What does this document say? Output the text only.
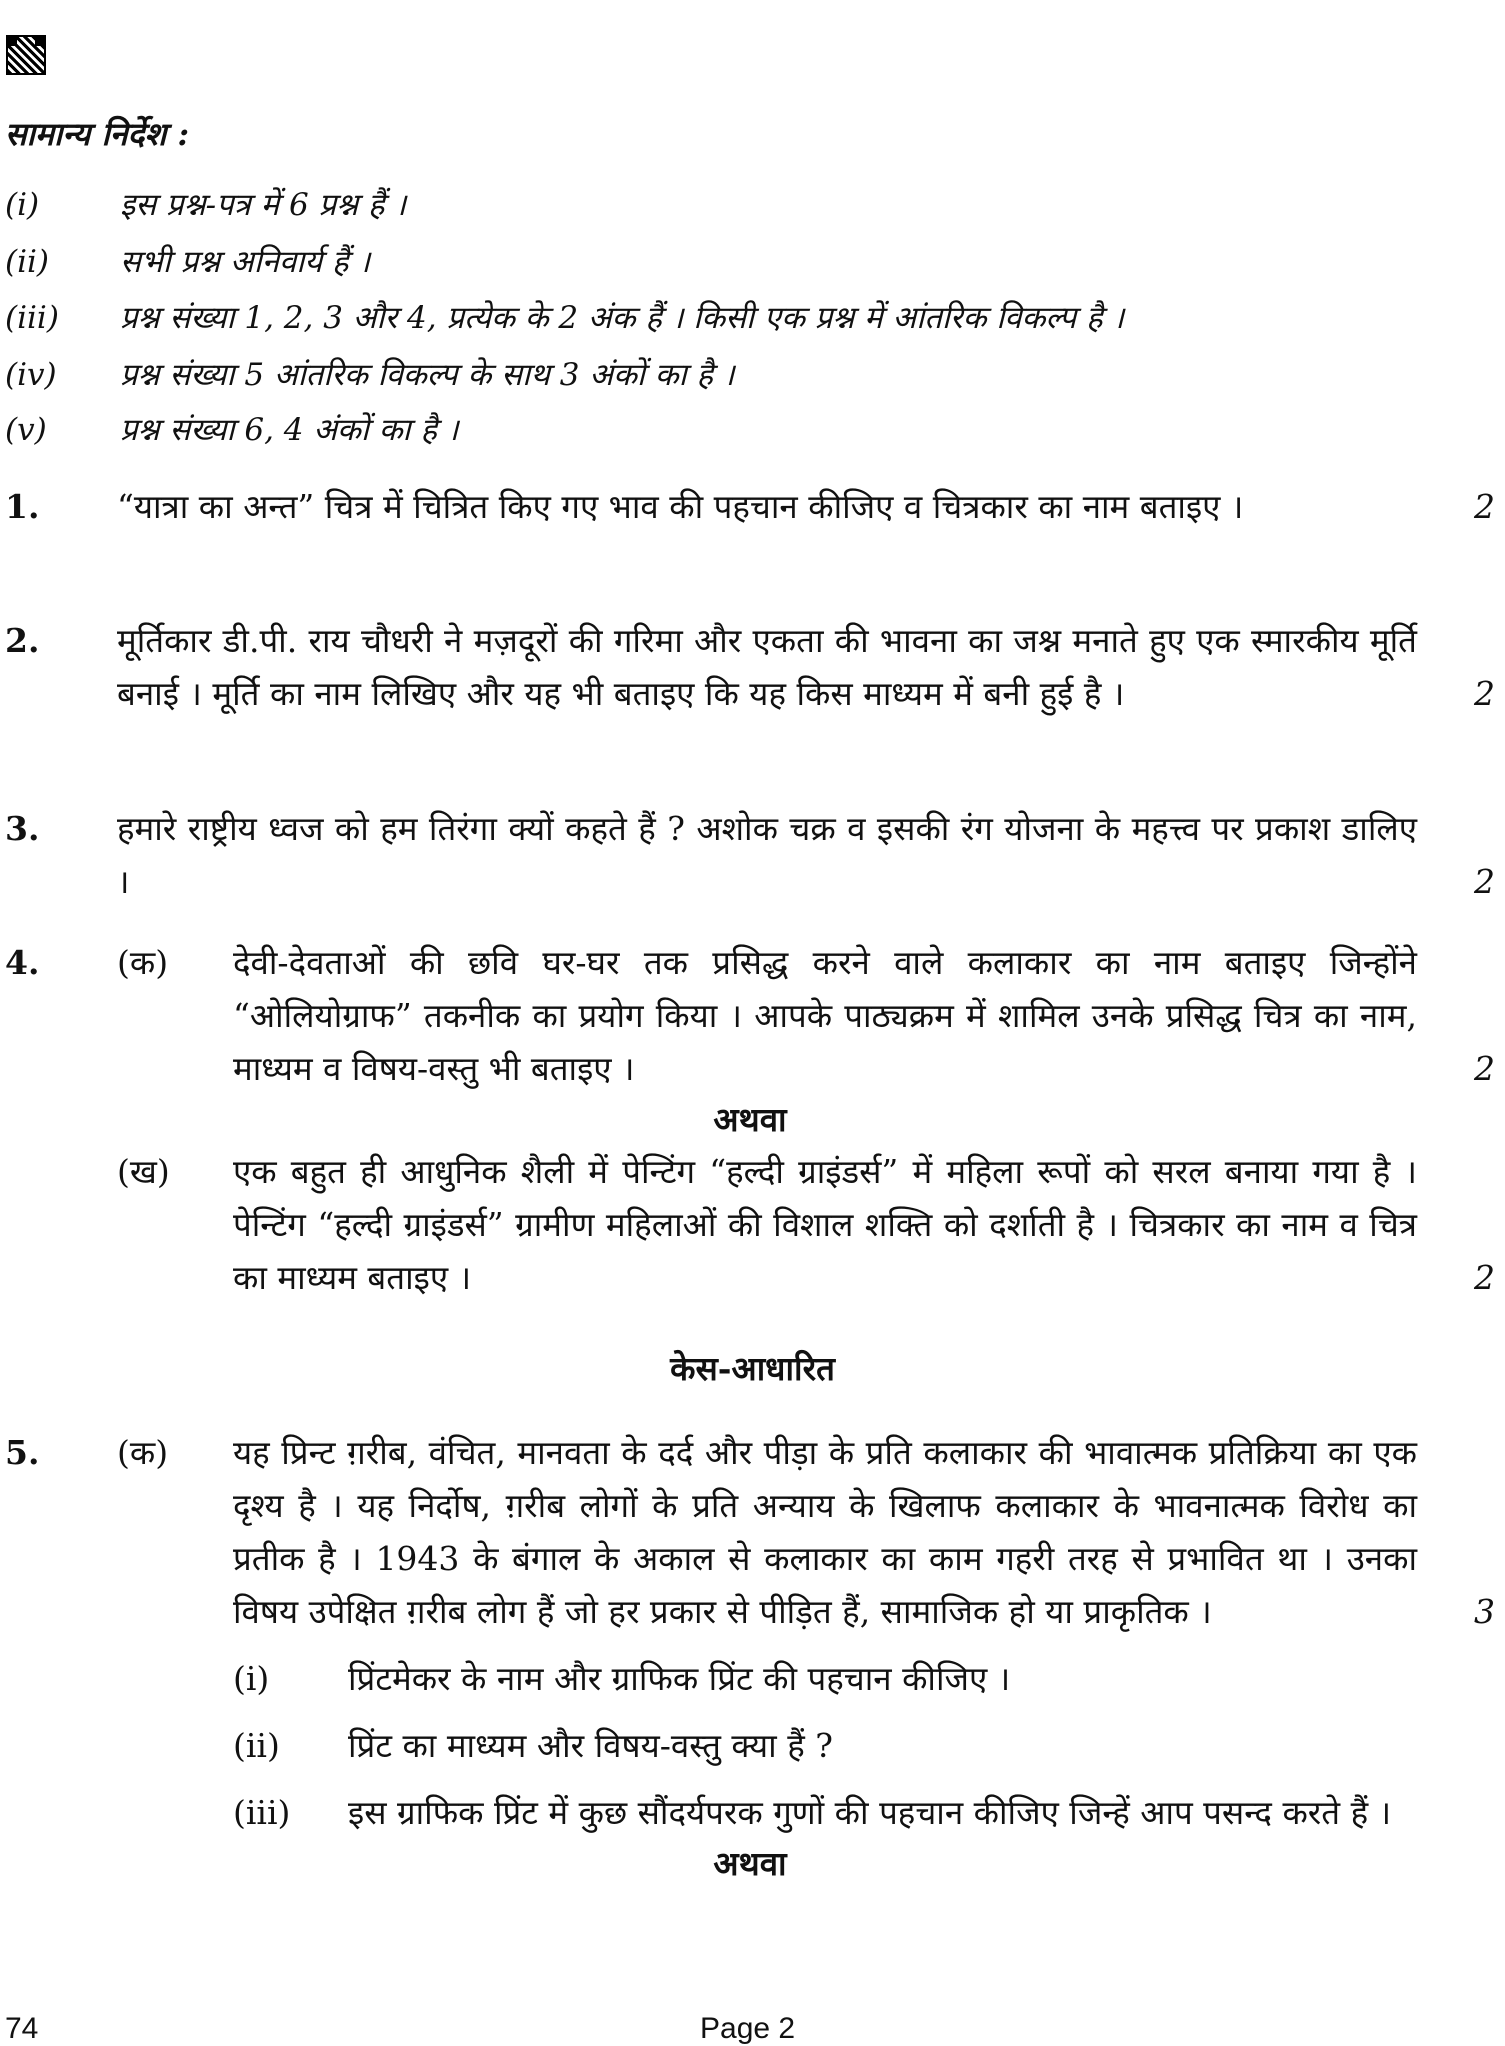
सामान्य निर्देश :
(i)	इस प्रश्न-पत्र में 6 प्रश्न हैं ।
(ii) सभी प्रश्न अनिवार्य हैं ।
(iii) प्रश्न संख्या 1, 2, 3 और 4, प्रत्येक के 2 अंक हैं । किसी एक प्रश्न में आंतरिक विकल्प है ।
(iv) प्रश्न संख्या 5 आंतरिक विकल्प के साथ 3 अंकों का है ।
(v) प्रश्न संख्या 6, 4 अंकों का है ।
1. “यात्रा का अन्त” चित्र में चित्रित किए गए भाव की पहचान कीजिए व चित्रकार का नाम बताइए ।	2
2. मूर्तिकार डी.पी. राय चौधरी ने मज़दूरों की गरिमा और एकता की भावना का जश्न मनाते हुए एक स्मारकीय मूर्ति बनाई । मूर्ति का नाम लिखिए और यह भी बताइए कि यह किस माध्यम में बनी हुई है ।	2
3. हमारे राष्ट्रीय ध्वज को हम तिरंगा क्यों कहते हैं ? अशोक चक्र व इसकी रंग योजना के महत्त्व पर प्रकाश डालिए ।	2
4. (क) देवी-देवताओं की छवि घर-घर तक प्रसिद्ध करने वाले कलाकार का नाम बताइए जिन्होंने “ओलियोग्राफ” तकनीक का प्रयोग किया । आपके पाठ्यक्रम में शामिल उनके प्रसिद्ध चित्र का नाम, माध्यम व विषय-वस्तु भी बताइए ।	2
अथवा
(ख) एक बहुत ही आधुनिक शैली में पेन्टिंग “हल्दी ग्राइंडर्स” में महिला रूपों को सरल बनाया गया है । पेन्टिंग “हल्दी ग्राइंडर्स” ग्रामीण महिलाओं की विशाल शक्ति को दर्शाती है । चित्रकार का नाम व चित्र का माध्यम बताइए ।	2
केस-आधारित
5. (क) यह प्रिन्ट ग़रीब, वंचित, मानवता के दर्द और पीड़ा के प्रति कलाकार की भावात्मक प्रतिक्रिया का एक दृश्य है । यह निर्दोष, ग़रीब लोगों के प्रति अन्याय के खिलाफ कलाकार के भावनात्मक विरोध का प्रतीक है । 1943 के बंगाल के अकाल से कलाकार का काम गहरी तरह से प्रभावित था । उनका विषय उपेक्षित ग़रीब लोग हैं जो हर प्रकार से पीड़ित हैं, सामाजिक हो या प्राकृतिक ।	3
(i) प्रिंटमेकर के नाम और ग्राफिक प्रिंट की पहचान कीजिए ।
(ii) प्रिंट का माध्यम और विषय-वस्तु क्या हैं ?
(iii) इस ग्राफिक प्रिंट में कुछ सौंदर्यपरक गुणों की पहचान कीजिए जिन्हें आप पसन्द करते हैं ।
अथवा
74	Page 2
